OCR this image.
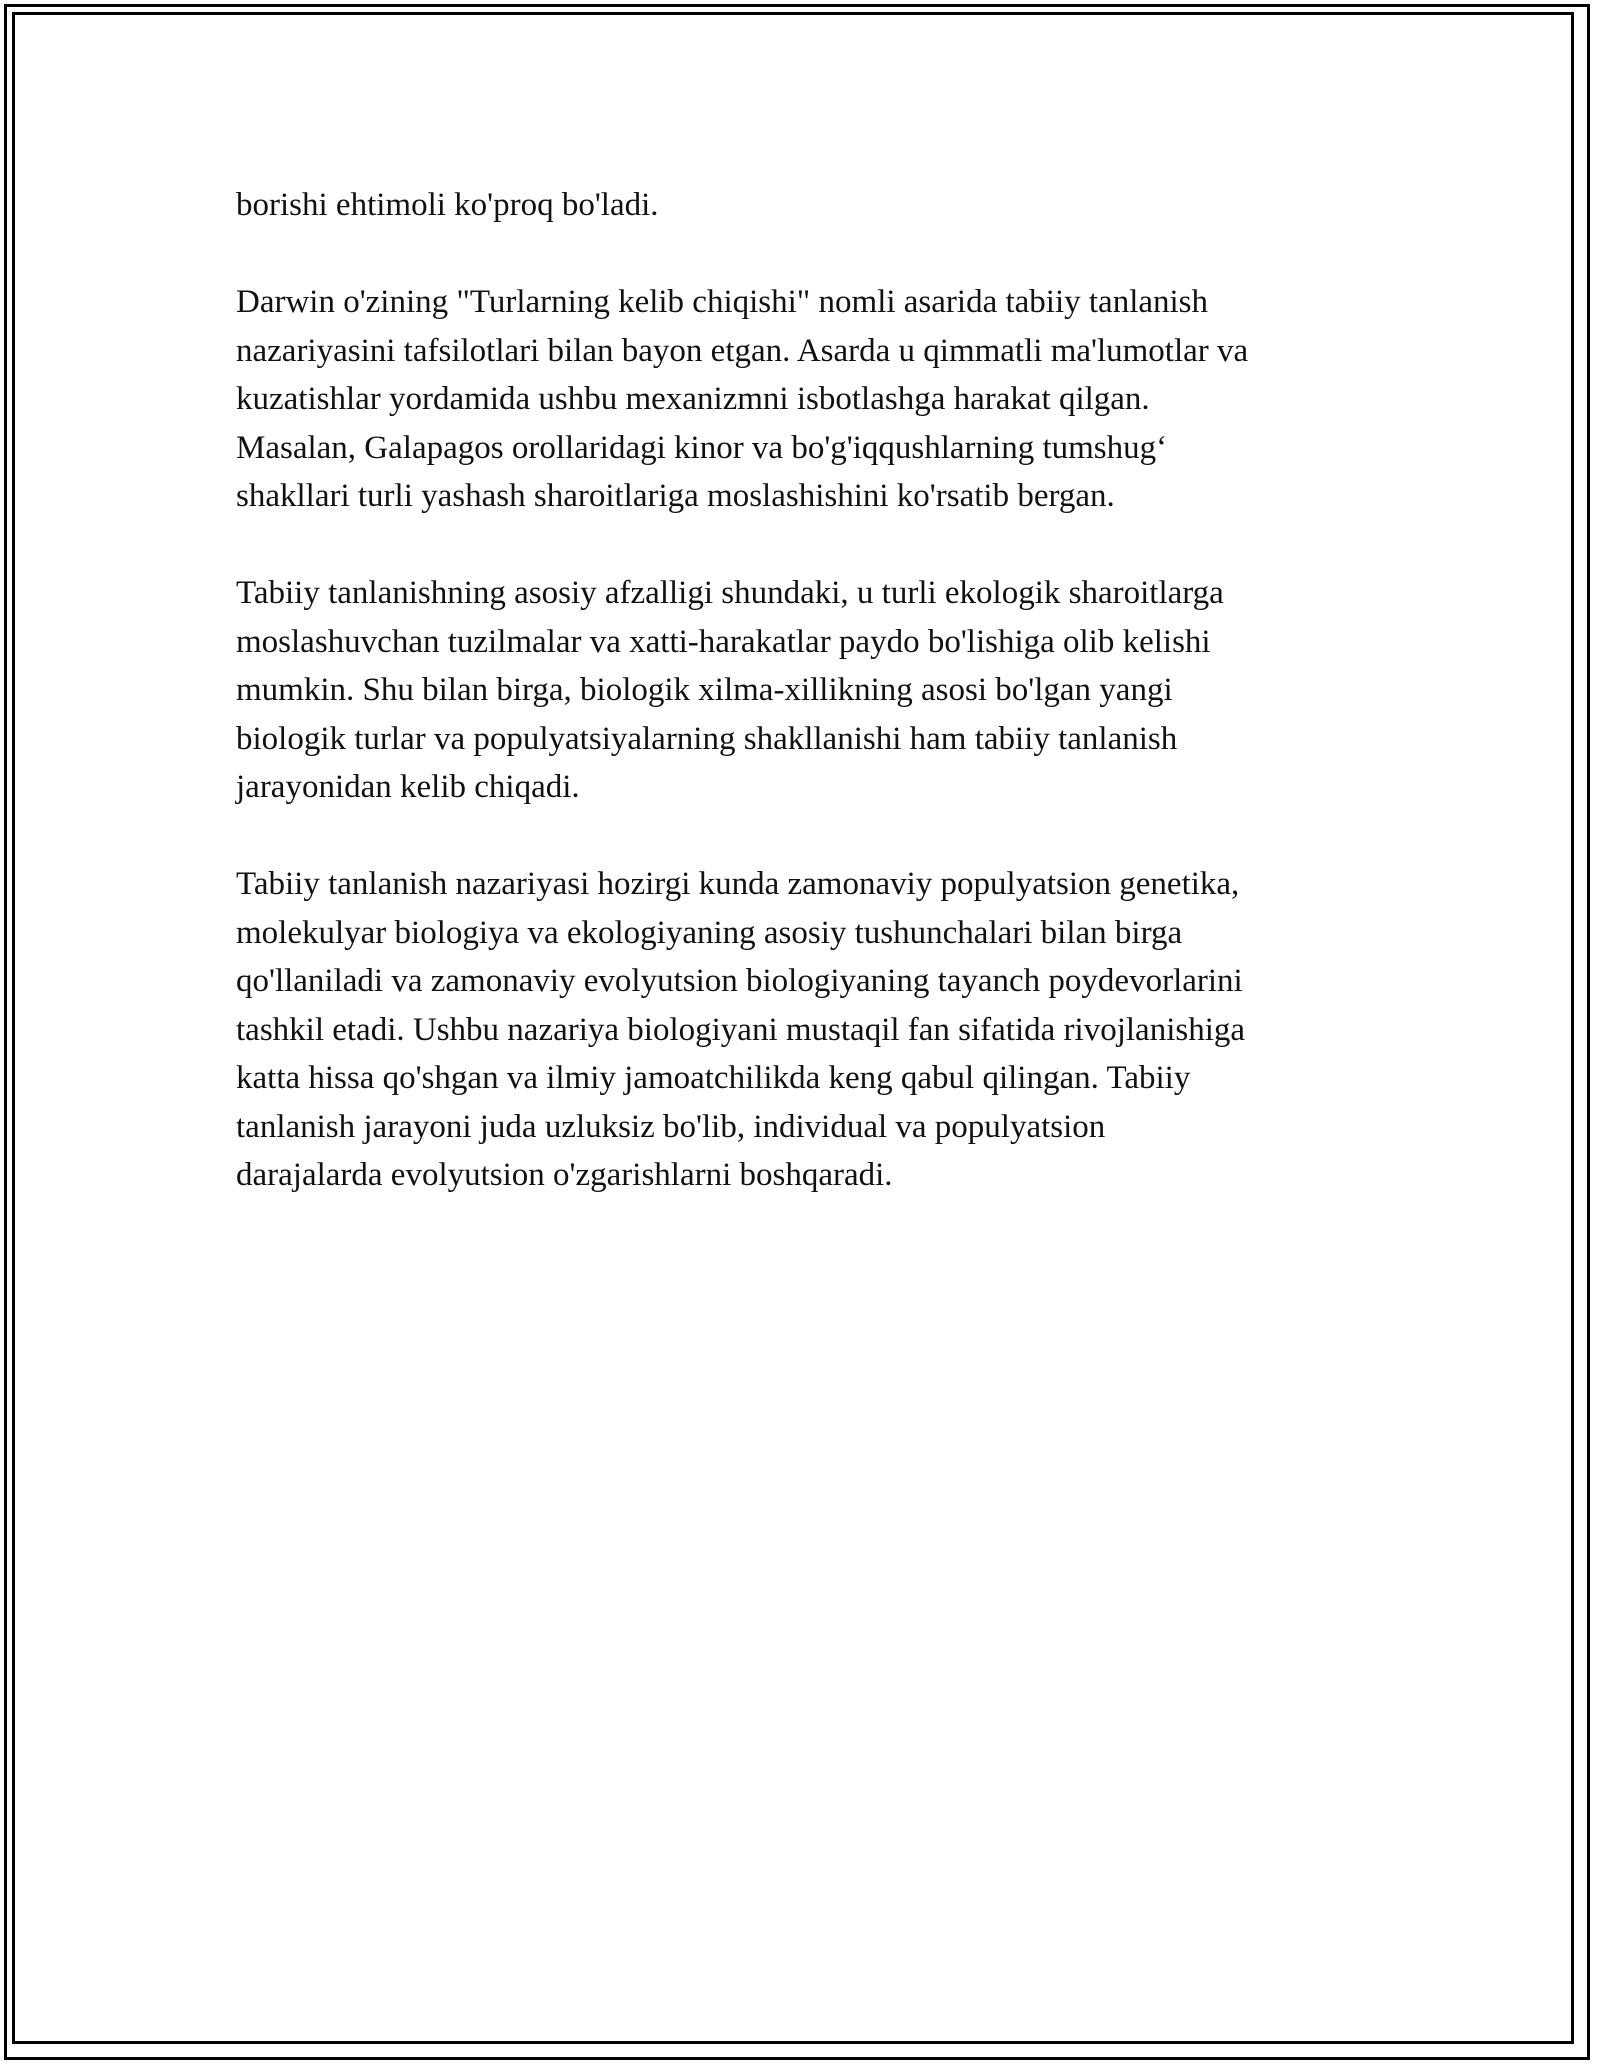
borishi ehtimoli ko'proq bo'ladi.

Darwin o'zining "Turlarning kelib chiqishi" nomli asarida tabiiy tanlanish
nazariyasini tafsilotlari bilan bayon etgan. Asarda u qimmatli ma'lumotlar va
kuzatishlar yordamida ushbu mexanizmni isbotlashga harakat qilgan.
Masalan, Galapagos orollaridagi kinor va bo'g'iqqushlarning tumshug‘
shakllari turli yashash sharoitlariga moslashishini ko'rsatib bergan.

Tabiiy tanlanishning asosiy afzalligi shundaki, u turli ekologik sharoitlarga
moslashuvchan tuzilmalar va xatti-harakatlar paydo bo'lishiga olib kelishi
mumkin. Shu bilan birga, biologik xilma-xillikning asosi bo'lgan yangi
biologik turlar va populyatsiyalarning shakllanishi ham tabiiy tanlanish
jarayonidan kelib chiqadi.

Tabiiy tanlanish nazariyasi hozirgi kunda zamonaviy populyatsion genetika,
molekulyar biologiya va ekologiyaning asosiy tushunchalari bilan birga
qo'llaniladi va zamonaviy evolyutsion biologiyaning tayanch poydevorlarini
tashkil etadi. Ushbu nazariya biologiyani mustaqil fan sifatida rivojlanishiga
katta hissa qo'shgan va ilmiy jamoatchilikda keng qabul qilingan. Tabiiy
tanlanish jarayoni juda uzluksiz bo'lib, individual va populyatsion
darajalarda evolyutsion o'zgarishlarni boshqaradi.
